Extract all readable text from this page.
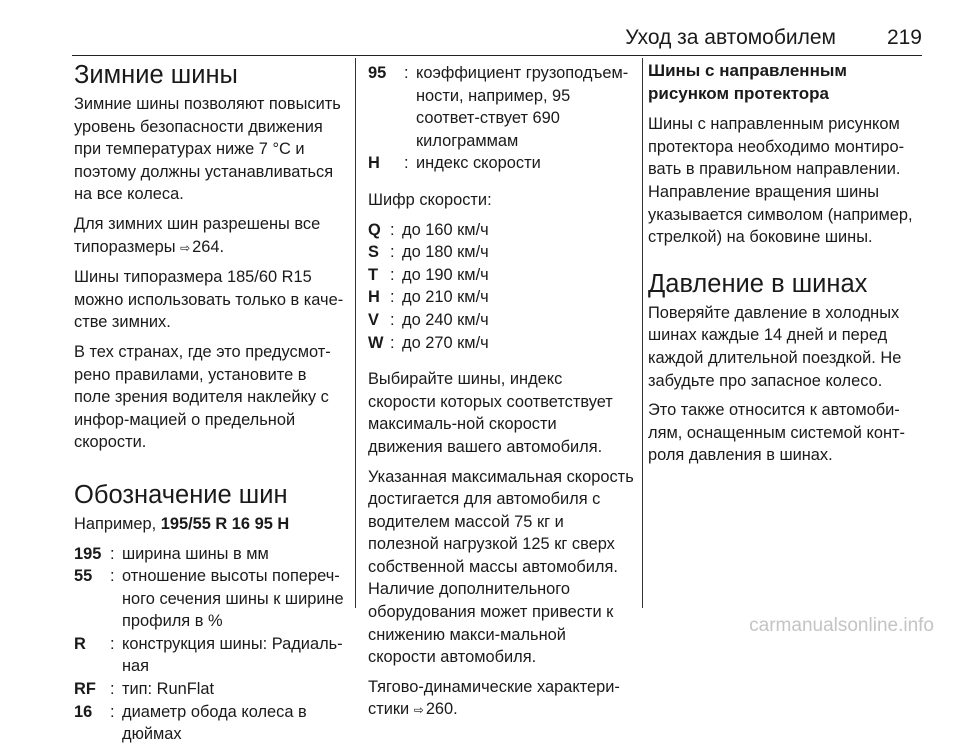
Уход за автомобилем 219
Зимние шины

Зимние шины позволяют повысить уровень безопасности движения при температурах ниже 7 °C и поэтому должны устанавливаться на все колеса.

Для зимних шин разрешены все типоразмеры ⇨ 264.

Шины типоразмера 185/60 R15 можно использовать только в каче-стве зимних.

В тех странах, где это предусмот-рено правилами, установите в поле зрения водителя наклейку с инфор-мацией о предельной скорости.

Обозначение шин

Например, 195/55 R 16 95 H

195 : ширина шины в мм
55	: отношение высоты попереч-ного сечения шины к ширине профиля в %
R	: конструкция шины: Радиаль-ная
RF : тип: RunFlat
16	: диаметр обода колеса в дюймах
95	: коэффициент грузоподъем-ности, например, 95 соответ-ствует 690 килограммам
H	: индекс скорости

Шифр скорости:

Q : до 160 км/ч
S : до 180 км/ч
T : до 190 км/ч
H : до 210 км/ч
V : до 240 км/ч
W : до 270 км/ч

Выбирайте шины, индекс скорости которых соответствует максималь-ной скорости движения вашего автомобиля.

Указанная максимальная скорость достигается для автомобиля с водителем массой 75 кг и полезной нагрузкой 125 кг сверх собственной массы автомобиля. Наличие дополнительного оборудования может привести к снижению макси-мальной скорости автомобиля.

Тягово-динамические характери-стики ⇨ 260.

Шины с направленным рисунком протектора

Шины с направленным рисунком протектора необходимо монтиро-вать в правильном направлении. Направление вращения шины указывается символом (например, стрелкой) на боковине шины.

Давление в шинах

Поверяйте давление в холодных шинах каждые 14 дней и перед каждой длительной поездкой. Не забудьте про запасное колесо.

Это также относится к автомоби-лям, оснащенным системой конт-роля давления в шинах.

carmanualsonline.info
